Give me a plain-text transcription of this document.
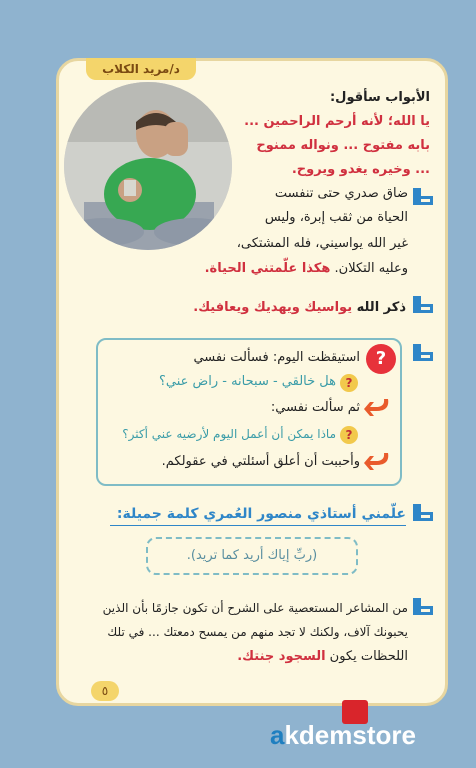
د/مريد الكلاب
الأبواب سأقول:
يا الله؛ لأنه أرحم الراحمين ...
بابه مفتوح ... ونواله ممنوح
... وخيره يغدو ويروح.
ضاق صدري حتى تنفست
الحياة من ثقب إبرة، وليس
غير الله يواسيني، فله المشتكى،
وعليه التكلان. هكذا علّمتني الحياة.
ذكر الله يواسيك ويهديك ويعافيك.
?
استيقظت اليوم: فسألت نفسي
?
هل خالقي - سبحانه - راض عني؟
ثم سألت نفسي:
?
ماذا يمكن أن أعمل اليوم لأرضيه عني أكثر؟
وأحببت أن أعلق أسئلتي في عقولكم.
علّمني أستاذي منصور العُمري كلمة جميلة:
(ربِّ إياك أريد كما تريد).
من المشاعر المستعصية على الشرح أن تكون جازمًا بأن الذين
يحبونك آلاف، ولكنك لا تجد منهم من يمسح دمعتك ... في تلك
اللحظات يكون السجود جنتك.
٥
akdemstore
